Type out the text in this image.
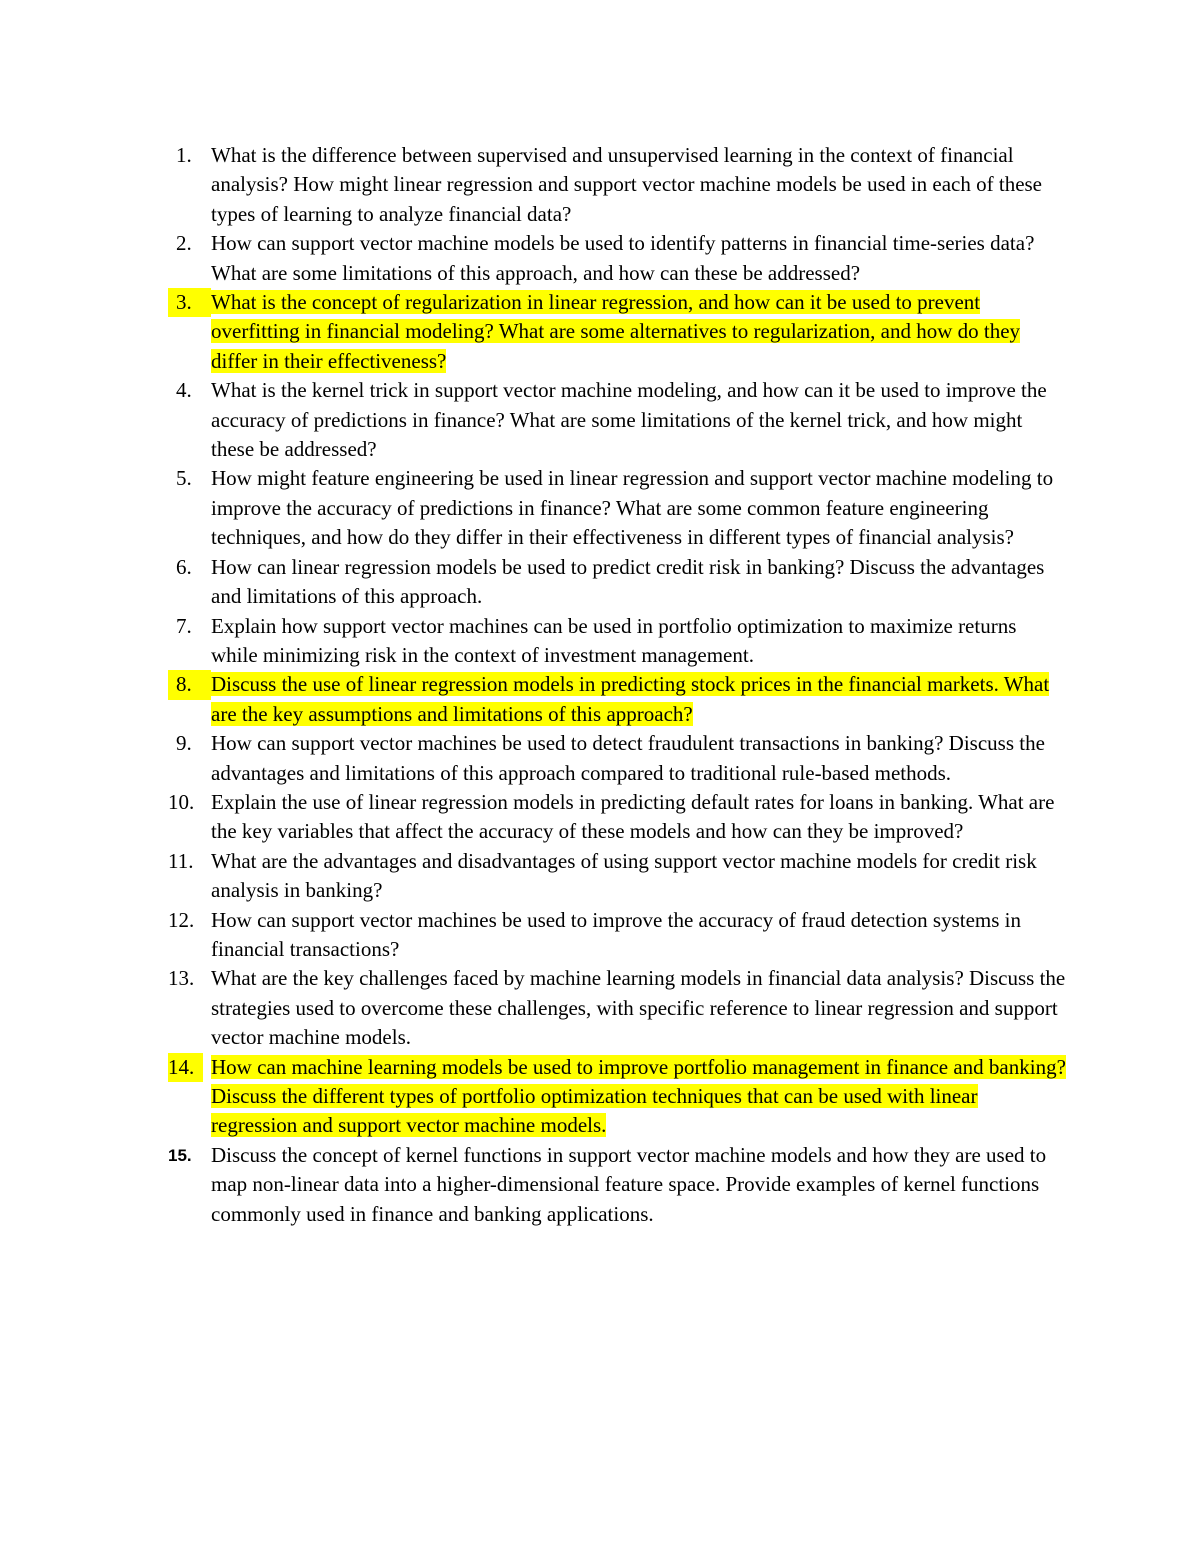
1. What is the difference between supervised and unsupervised learning in the context of financial analysis? How might linear regression and support vector machine models be used in each of these types of learning to analyze financial data?
2. How can support vector machine models be used to identify patterns in financial time-series data? What are some limitations of this approach, and how can these be addressed?
3. What is the concept of regularization in linear regression, and how can it be used to prevent overfitting in financial modeling? What are some alternatives to regularization, and how do they differ in their effectiveness?
4. What is the kernel trick in support vector machine modeling, and how can it be used to improve the accuracy of predictions in finance? What are some limitations of the kernel trick, and how might these be addressed?
5. How might feature engineering be used in linear regression and support vector machine modeling to improve the accuracy of predictions in finance? What are some common feature engineering techniques, and how do they differ in their effectiveness in different types of financial analysis?
6. How can linear regression models be used to predict credit risk in banking? Discuss the advantages and limitations of this approach.
7. Explain how support vector machines can be used in portfolio optimization to maximize returns while minimizing risk in the context of investment management.
8. Discuss the use of linear regression models in predicting stock prices in the financial markets. What are the key assumptions and limitations of this approach?
9. How can support vector machines be used to detect fraudulent transactions in banking? Discuss the advantages and limitations of this approach compared to traditional rule-based methods.
10. Explain the use of linear regression models in predicting default rates for loans in banking. What are the key variables that affect the accuracy of these models and how can they be improved?
11. What are the advantages and disadvantages of using support vector machine models for credit risk analysis in banking?
12. How can support vector machines be used to improve the accuracy of fraud detection systems in financial transactions?
13. What are the key challenges faced by machine learning models in financial data analysis? Discuss the strategies used to overcome these challenges, with specific reference to linear regression and support vector machine models.
14. How can machine learning models be used to improve portfolio management in finance and banking? Discuss the different types of portfolio optimization techniques that can be used with linear regression and support vector machine models.
15. Discuss the concept of kernel functions in support vector machine models and how they are used to map non-linear data into a higher-dimensional feature space. Provide examples of kernel functions commonly used in finance and banking applications.
